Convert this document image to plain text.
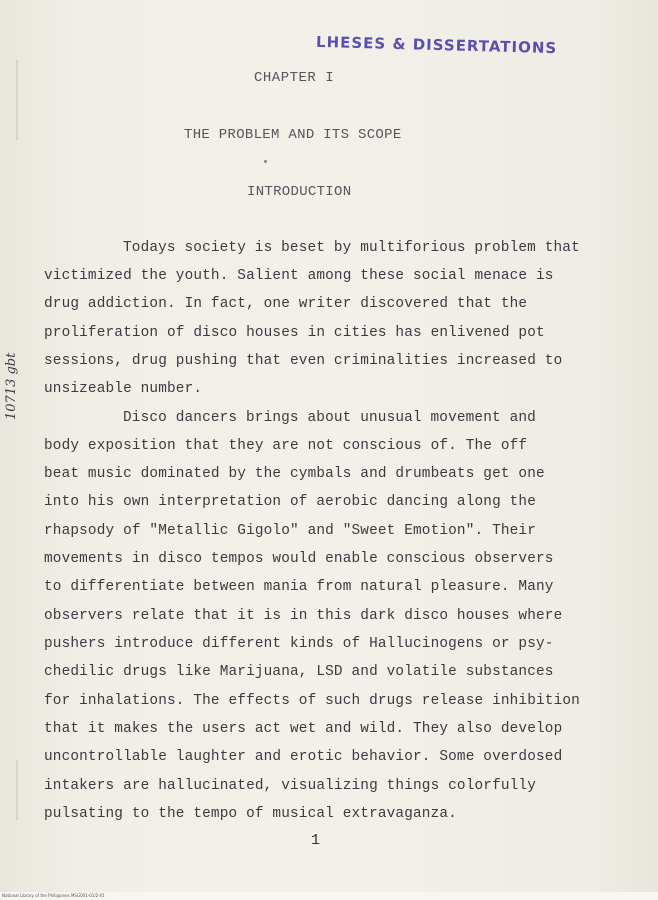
LHESES & DISSERTATIONS
CHAPTER I
THE PROBLEM AND ITS SCOPE
INTRODUCTION
10713 gbt
Todays society is beset by multiforious problem that
victimized the youth. Salient among these social menace is
drug addiction. In fact, one writer discovered that the
proliferation of disco houses in cities has enlivened pot
sessions, drug pushing that even criminalities increased to
unsizeable number.
Disco dancers brings about unusual movement and
body exposition that they are not conscious of. The off
beat music dominated by the cymbals and drumbeats get one
into his own interpretation of aerobic dancing along the
rhapsody of "Metallic Gigolo" and "Sweet Emotion". Their
movements in disco tempos would enable conscious observers
to differentiate between mania from natural pleasure. Many
observers relate that it is in this dark disco houses where
pushers introduce different kinds of Hallucinogens or psy-
chedilic drugs like Marijuana, LSD and volatile substances
for inhalations. The effects of such drugs release inhibition
that it makes the users act wet and wild. They also develop
uncontrollable laughter and erotic behavior. Some overdosed
intakers are hallucinated, visualizing things colorfully
pulsating to the tempo of musical extravaganza.
1
National Library of the Philippines MSG001-01/2-01
